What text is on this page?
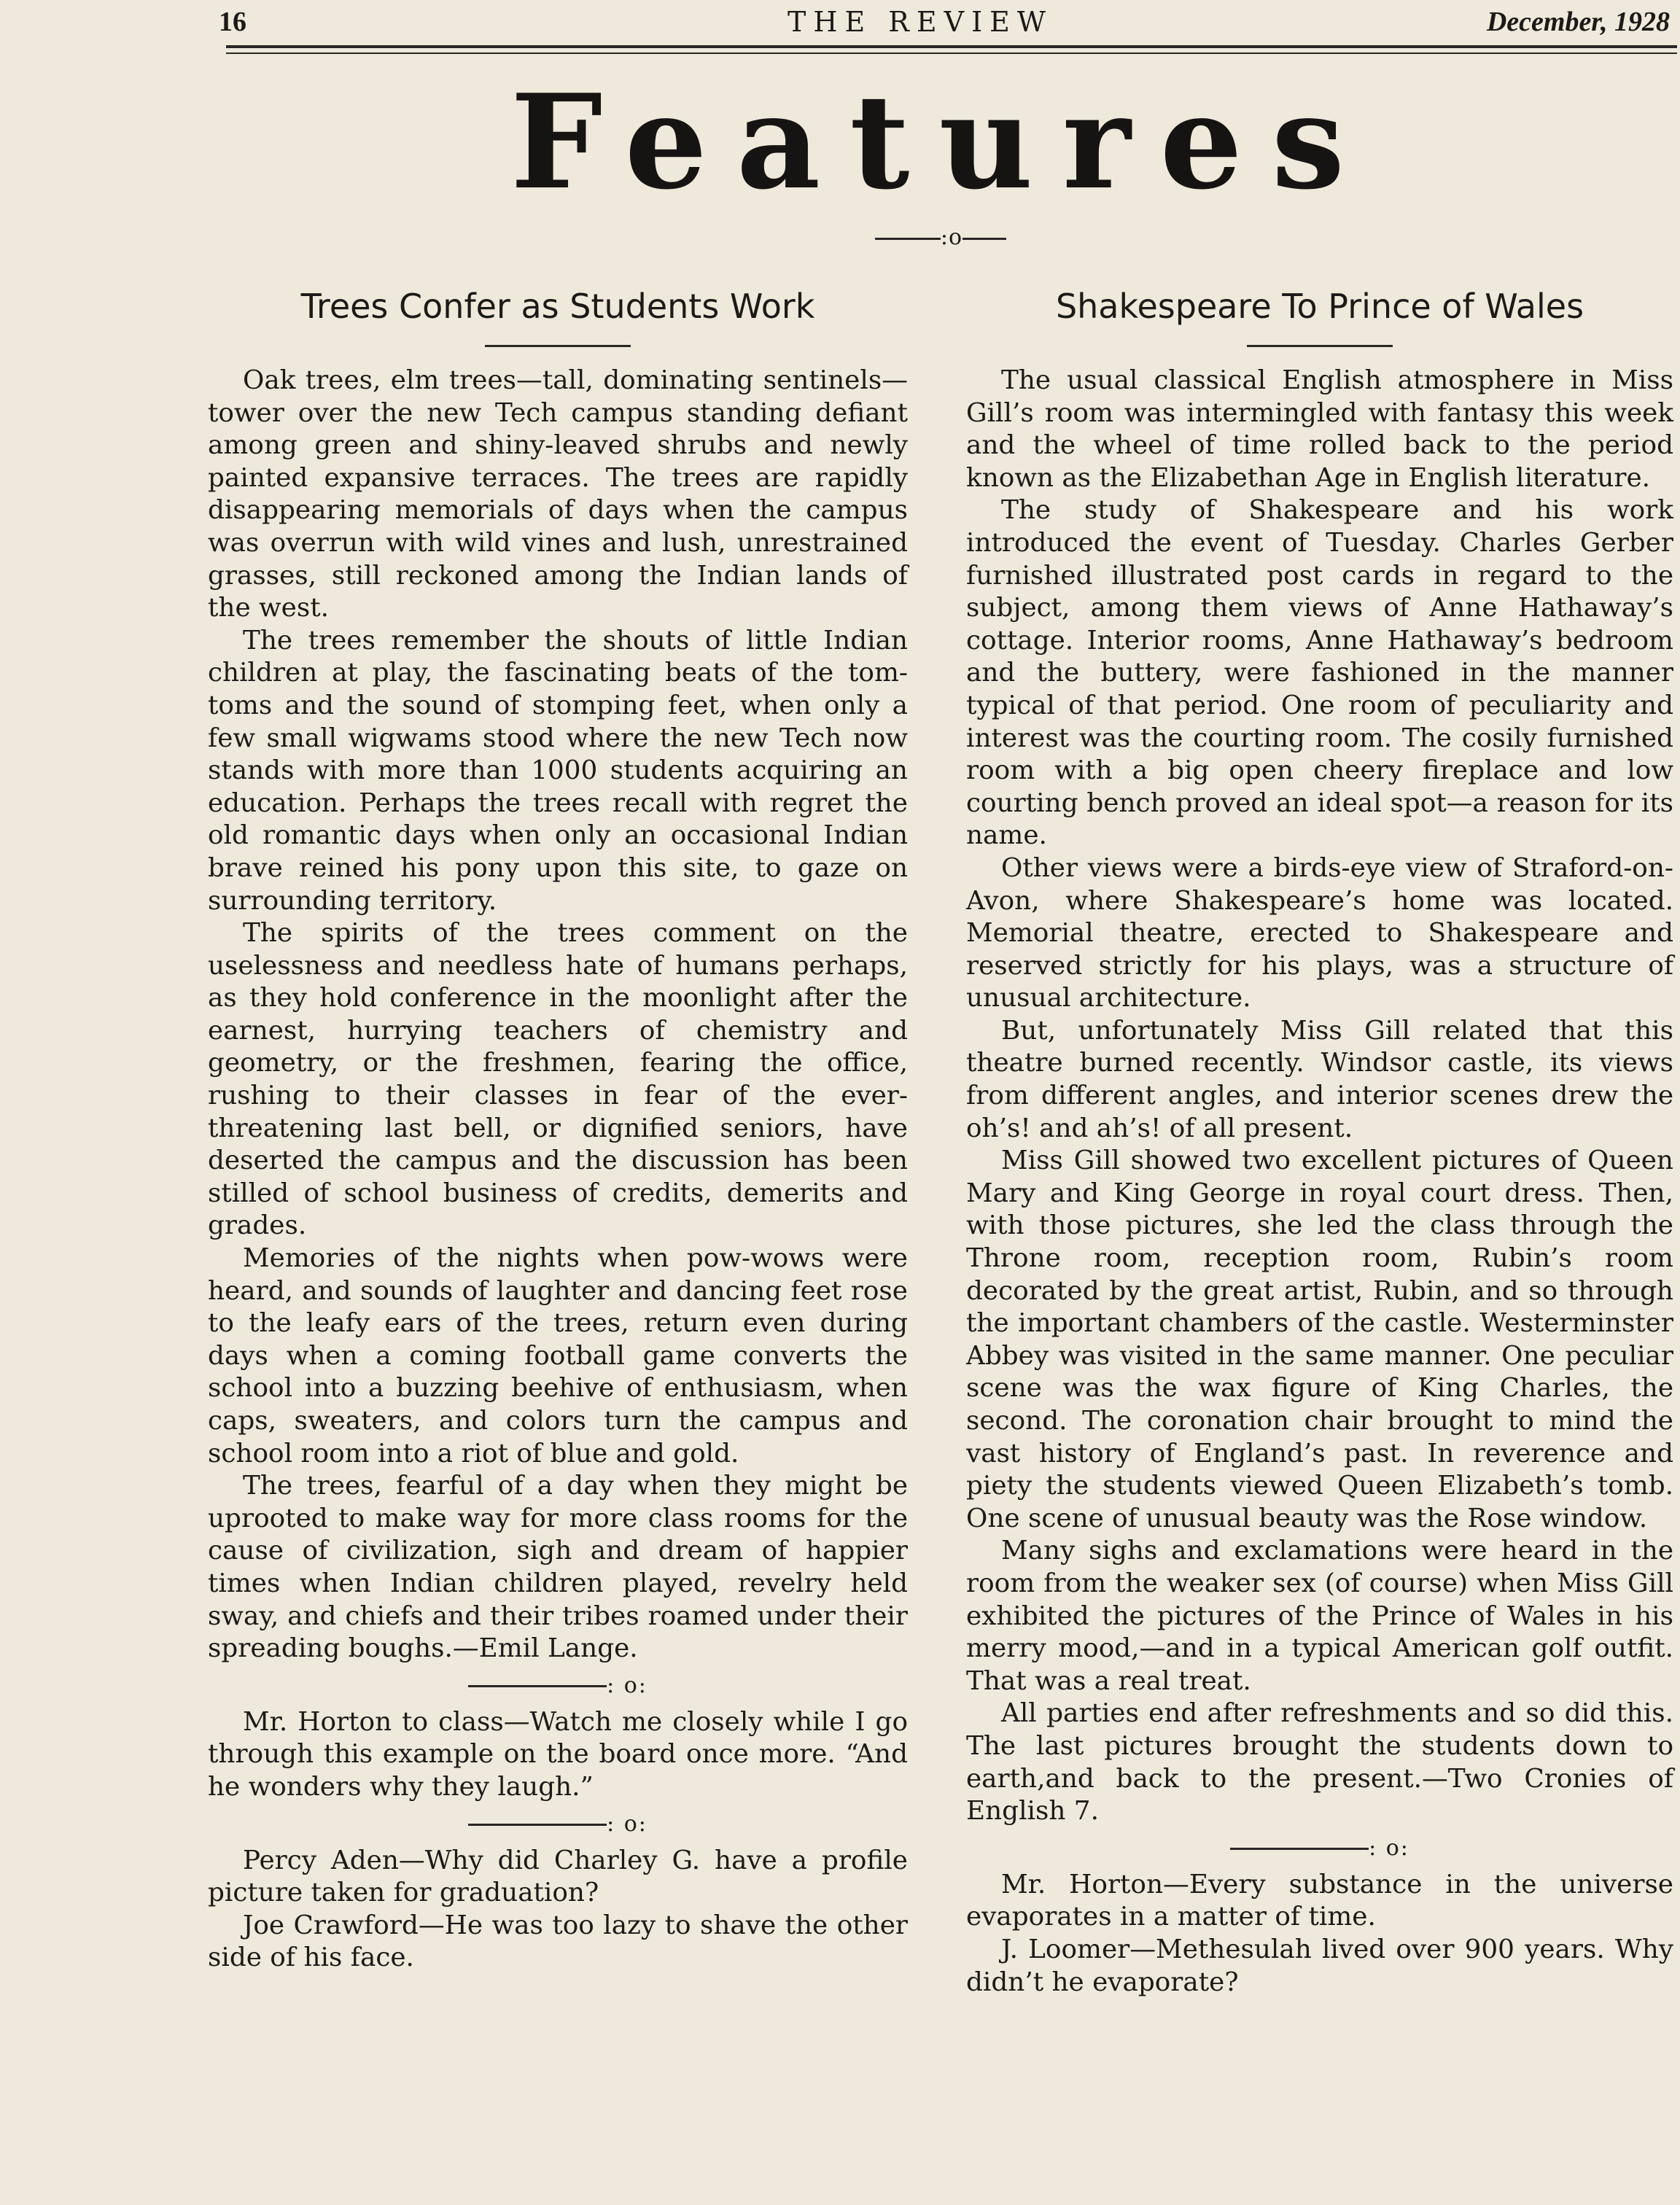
16	THE REVIEW	December, 1928
Features
:o
Trees Confer as Students Work

Oak trees, elm trees—tall, dominating sentinels—tower over the new Tech campus standing defiant among green and shiny-leaved shrubs and newly painted expansive terraces. The trees are rapidly disappearing memorials of days when the campus was overrun with wild vines and lush, unrestrained grasses, still reckoned among the Indian lands of the west.

The trees remember the shouts of little Indian children at play, the fascinating beats of the tom-toms and the sound of stomping feet, when only a few small wigwams stood where the new Tech now stands with more than 1000 students acquiring an education. Perhaps the trees recall with regret the old romantic days when only an occasional Indian brave reined his pony upon this site, to gaze on surrounding territory.

The spirits of the trees comment on the uselessness and needless hate of humans perhaps, as they hold conference in the moonlight after the earnest, hurrying teachers of chemistry and geometry, or the freshmen, fearing the office, rushing to their classes in fear of the ever-threatening last bell, or dignified seniors, have deserted the campus and the discussion has been stilled of school business of credits, demerits and grades.

Memories of the nights when pow-wows were heard, and sounds of laughter and dancing feet rose to the leafy ears of the trees, return even during days when a coming football game converts the school into a buzzing beehive of enthusiasm, when caps, sweaters, and colors turn the campus and school room into a riot of blue and gold.

The trees, fearful of a day when they might be uprooted to make way for more class rooms for the cause of civilization, sigh and dream of happier times when Indian children played, revelry held sway, and chiefs and their tribes roamed under their spreading boughs.—Emil Lange.

: o:

Mr. Horton to class—Watch me closely while I go through this example on the board once more. “And he wonders why they laugh.”

: o:

Percy Aden—Why did Charley G. have a profile picture taken for graduation?

Joe Crawford—He was too lazy to shave the other side of his face.

Shakespeare To Prince of Wales

The usual classical English atmosphere in Miss Gill’s room was intermingled with fantasy this week and the wheel of time rolled back to the period known as the Elizabethan Age in English literature.

The study of Shakespeare and his work introduced the event of Tuesday. Charles Gerber furnished illustrated post cards in regard to the subject, among them views of Anne Hathaway’s cottage. Interior rooms, Anne Hathaway’s bedroom and the buttery, were fashioned in the manner typical of that period. One room of peculiarity and interest was the courting room. The cosily furnished room with a big open cheery fireplace and low courting bench proved an ideal spot—a reason for its name.

Other views were a birds-eye view of Straford-on-Avon, where Shakespeare’s home was located. Memorial theatre, erected to Shakespeare and reserved strictly for his plays, was a structure of unusual architecture.

But, unfortunately Miss Gill related that this theatre burned recently. Windsor castle, its views from different angles, and interior scenes drew the oh’s! and ah’s! of all present.

Miss Gill showed two excellent pictures of Queen Mary and King George in royal court dress. Then, with those pictures, she led the class through the Throne room, reception room, Rubin’s room decorated by the great artist, Rubin, and so through the important chambers of the castle. Westerminster Abbey was visited in the same manner. One peculiar scene was the wax figure of King Charles, the second. The coronation chair brought to mind the vast history of England’s past. In reverence and piety the students viewed Queen Elizabeth’s tomb. One scene of unusual beauty was the Rose window.

Many sighs and exclamations were heard in the room from the weaker sex (of course) when Miss Gill exhibited the pictures of the Prince of Wales in his merry mood,—and in a typical American golf outfit. That was a real treat.

All parties end after refreshments and so did this. The last pictures brought the students down to earth,and back to the present.—Two Cronies of English 7.

: o:

Mr. Horton—Every substance in the universe evaporates in a matter of time.

J. Loomer—Methesulah lived over 900 years. Why didn’t he evaporate?
